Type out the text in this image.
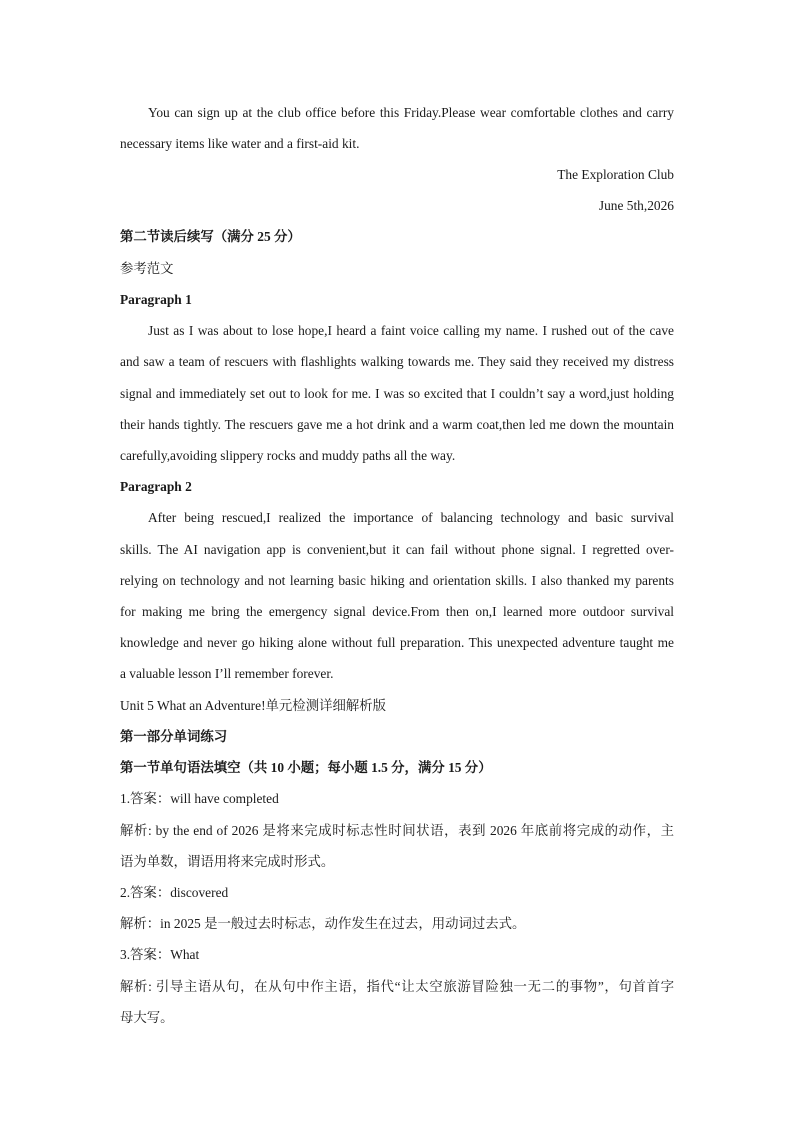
You can sign up at the club office before this Friday.Please wear comfortable clothes and carry
necessary items like water and a first-aid kit.
The Exploration Club
June 5th,2026
第二节读后续写（满分 25 分）
参考范文
Paragraph 1
Just as I was about to lose hope,I heard a faint voice calling my name. I rushed out of the cave
and saw a team of rescuers with flashlights walking towards me. They said they received my distress
signal and immediately set out to look for me. I was so excited that I couldn’t say a word,just holding
their hands tightly. The rescuers gave me a hot drink and a warm coat,then led me down the mountain
carefully,avoiding slippery rocks and muddy paths all the way.
Paragraph 2
After being rescued,I realized the importance of balancing technology and basic survival
skills. The AI navigation app is convenient,but it can fail without phone signal. I regretted over-
relying on technology and not learning basic hiking and orientation skills. I also thanked my parents
for making me bring the emergency signal device.From then on,I learned more outdoor survival
knowledge and never go hiking alone without full preparation. This unexpected adventure taught me
a valuable lesson I’ll remember forever.
Unit 5 What an Adventure!单元检测详细解析版
第一部分单词练习
第一节单句语法填空（共 10 小题；每小题 1.5 分，满分 15 分）
1.答案：will have completed
解析: by the end of 2026 是将来完成时标志性时间状语，表到 2026 年底前将完成的动作，主
语为单数，谓语用将来完成时形式。
2.答案：discovered
解析：in 2025 是一般过去时标志，动作发生在过去，用动词过去式。
3.答案：What
解析: 引导主语从句，在从句中作主语，指代“让太空旅游冒险独一无二的事物”，句首首字
母大写。
